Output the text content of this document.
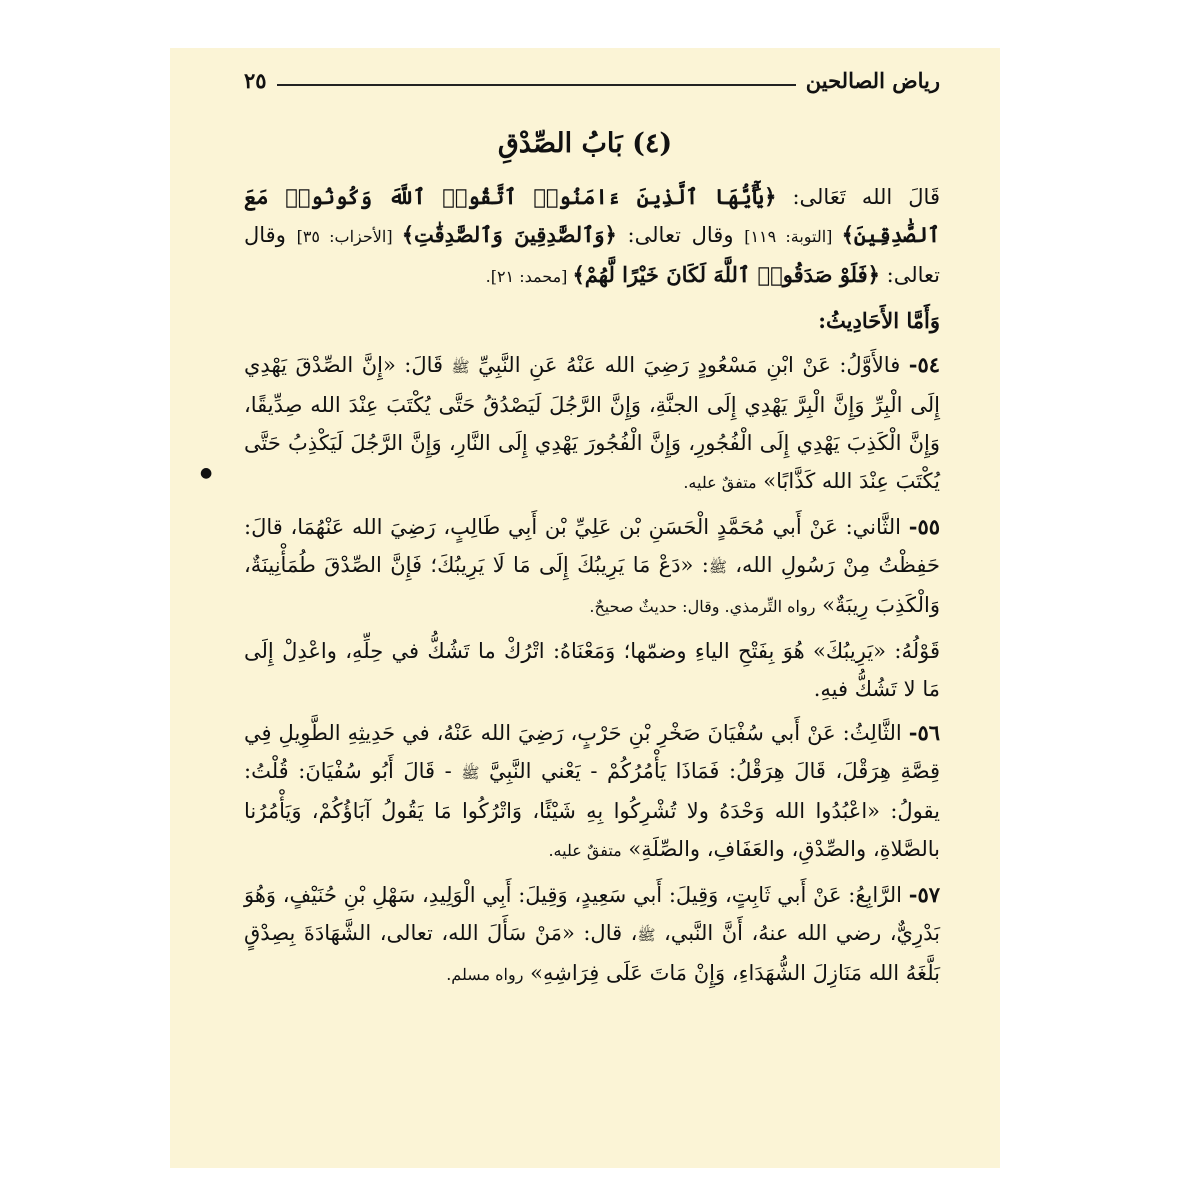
رياض الصالحين
٢٥
(٤) بَابُ الصِّدْقِ

قَالَ الله تَعَالى: ﴿يَٰٓأَيُّهَا ٱلَّذِينَ ءَامَنُوا۟ ٱتَّقُوا۟ ٱللَّهَ وَكُونُوا۟ مَعَ ٱلصَّٰدِقِينَ﴾ [التوبة: ١١٩] وقال تعالى: ﴿وَٱلصَّٰدِقِينَ وَٱلصَّٰدِقَٰتِ﴾ [الأحزاب: ٣٥] وقال تعالى: ﴿فَلَوْ صَدَقُوا۟ ٱللَّهَ لَكَانَ خَيْرًا لَّهُمْ﴾ [محمد: ٢١].

وَأَمَّا الأَحَادِيثُ:

٥٤- فالأَوَّلُ: عَنْ ابْنِ مَسْعُودٍ رَضِيَ الله عَنْهُ عَنِ النَّبِيِّ ﷺ قَالَ: «إِنَّ الصِّدْقَ يَهْدِي إِلَى الْبِرِّ وَإِنَّ الْبِرَّ يَهْدِي إِلَى الجنَّةِ، وَإِنَّ الرَّجُلَ لَيَصْدُقُ حَتَّى يُكْتَبَ عِنْدَ الله صِدِّيقًا، وَإِنَّ الْكَذِبَ يَهْدِي إِلَى الْفُجُورِ، وَإِنَّ الْفُجُورَ يَهْدِي إِلَى النَّارِ، وَإِنَّ الرَّجُلَ لَيَكْذِبُ حَتَّى يُكْتَبَ عِنْدَ الله كَذَّابًا» متفقٌ عليه.

٥٥- الثَّاني: عَنْ أَبي مُحَمَّدٍ الْحَسَنِ بْن عَلِيِّ بْن أَبِي طَالِبٍ، رَضِيَ الله عَنْهُمَا، قالَ: حَفِظْتُ مِنْ رَسُولِ الله، ﷺ: «دَعْ مَا يَرِيبُكَ إِلَى مَا لَا يَرِيبُكَ؛ فَإِنَّ الصِّدْقَ طُمَأْنِينَةٌ، وَالْكَذِبَ رِيبَةٌ» رواه التِّرمذي. وقال: حديثٌ صحيحٌ.

قَوْلُهُ: «يَرِيبُكَ» هُوَ بِفَتْحِ الياءِ وضمّها؛ وَمَعْنَاهُ: اتْرُكْ ما تَشُكُّ في حِلِّهِ، واعْدِلْ إِلَى مَا لا تَشُكُّ فيهِ.

٥٦- الثَّالِثُ: عَنْ أَبي سُفْيَانَ صَخْرِ بْنِ حَرْبٍ، رَضِيَ الله عَنْهُ، في حَدِيثِهِ الطَّوِيلِ فِي قِصَّةِ هِرَقْلَ، قَالَ هِرَقْلُ: فَمَاذَا يَأْمُرُكُمْ - يَعْني النَّبِيَّ ﷺ - قَالَ أَبُو سُفْيَانَ: قُلْتُ: يقولُ: «اعْبُدُوا الله وَحْدَهُ ولا تُشْرِكُوا بِهِ شَيْئًا، وَاتْرُكُوا مَا يَقُولُ آبَاؤُكُمْ، وَيَأْمُرُنا بالصَّلاةِ، والصِّدْقِ، والعَفَافِ، والصِّلَةِ» متفقٌ عليه.

٥٧- الرَّابِعُ: عَنْ أَبي ثَابِتٍ، وَقِيلَ: أَبي سَعِيدٍ، وَقِيلَ: أَبِي الْوَلِيدِ، سَهْلِ بْنِ حُنَيْفٍ، وَهُوَ بَدْرِيٌّ، رضي الله عنهُ، أَنَّ النَّبي، ﷺ، قال: «مَنْ سَأَلَ الله، تعالى، الشَّهَادَةَ بِصِدْقٍ بَلَّغَهُ الله مَنَازِلَ الشُّهَدَاءِ، وَإِنْ مَاتَ عَلَى فِرَاشِهِ» رواه مسلم.

●
